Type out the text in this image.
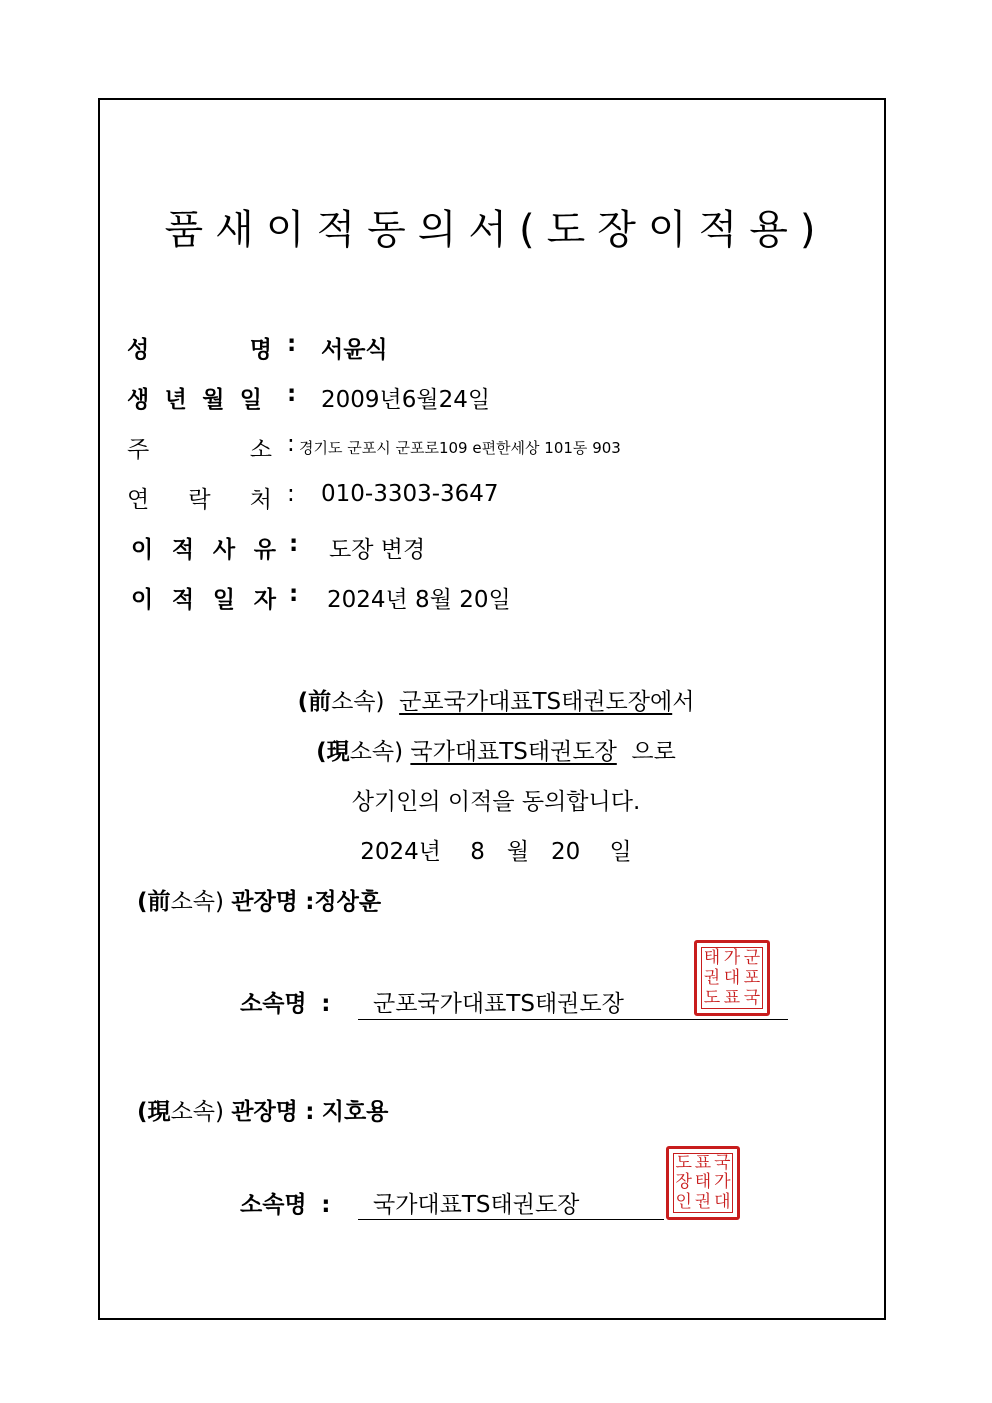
품새이적동의서(도장이적용)
성	명 : 서윤식
생 년 월 일 : 2009년6월24일
주	소 : 경기도 군포시 군포로109 e편한세상 101동 903
연 락 처 : 010-3303-3647
이 적 사 유 : 도장 변경
이 적 일 자 : 2024년 8월 20일
(前소속) 군포국가대표TS태권도장에서
(現소속) 국가대표TS태권도장 으로
상기인의 이적을 동의합니다.
2024년 8 월 20 일
(前소속) 관장명 :정상훈
소속명 : 군포국가대표TS태권도장
태 가 군
권 대 포
도 표 국
(現소속) 관장명 : 지호용
소속명 : 국가대표TS태권도장
도 표 국
장 태 가
인 권 대
